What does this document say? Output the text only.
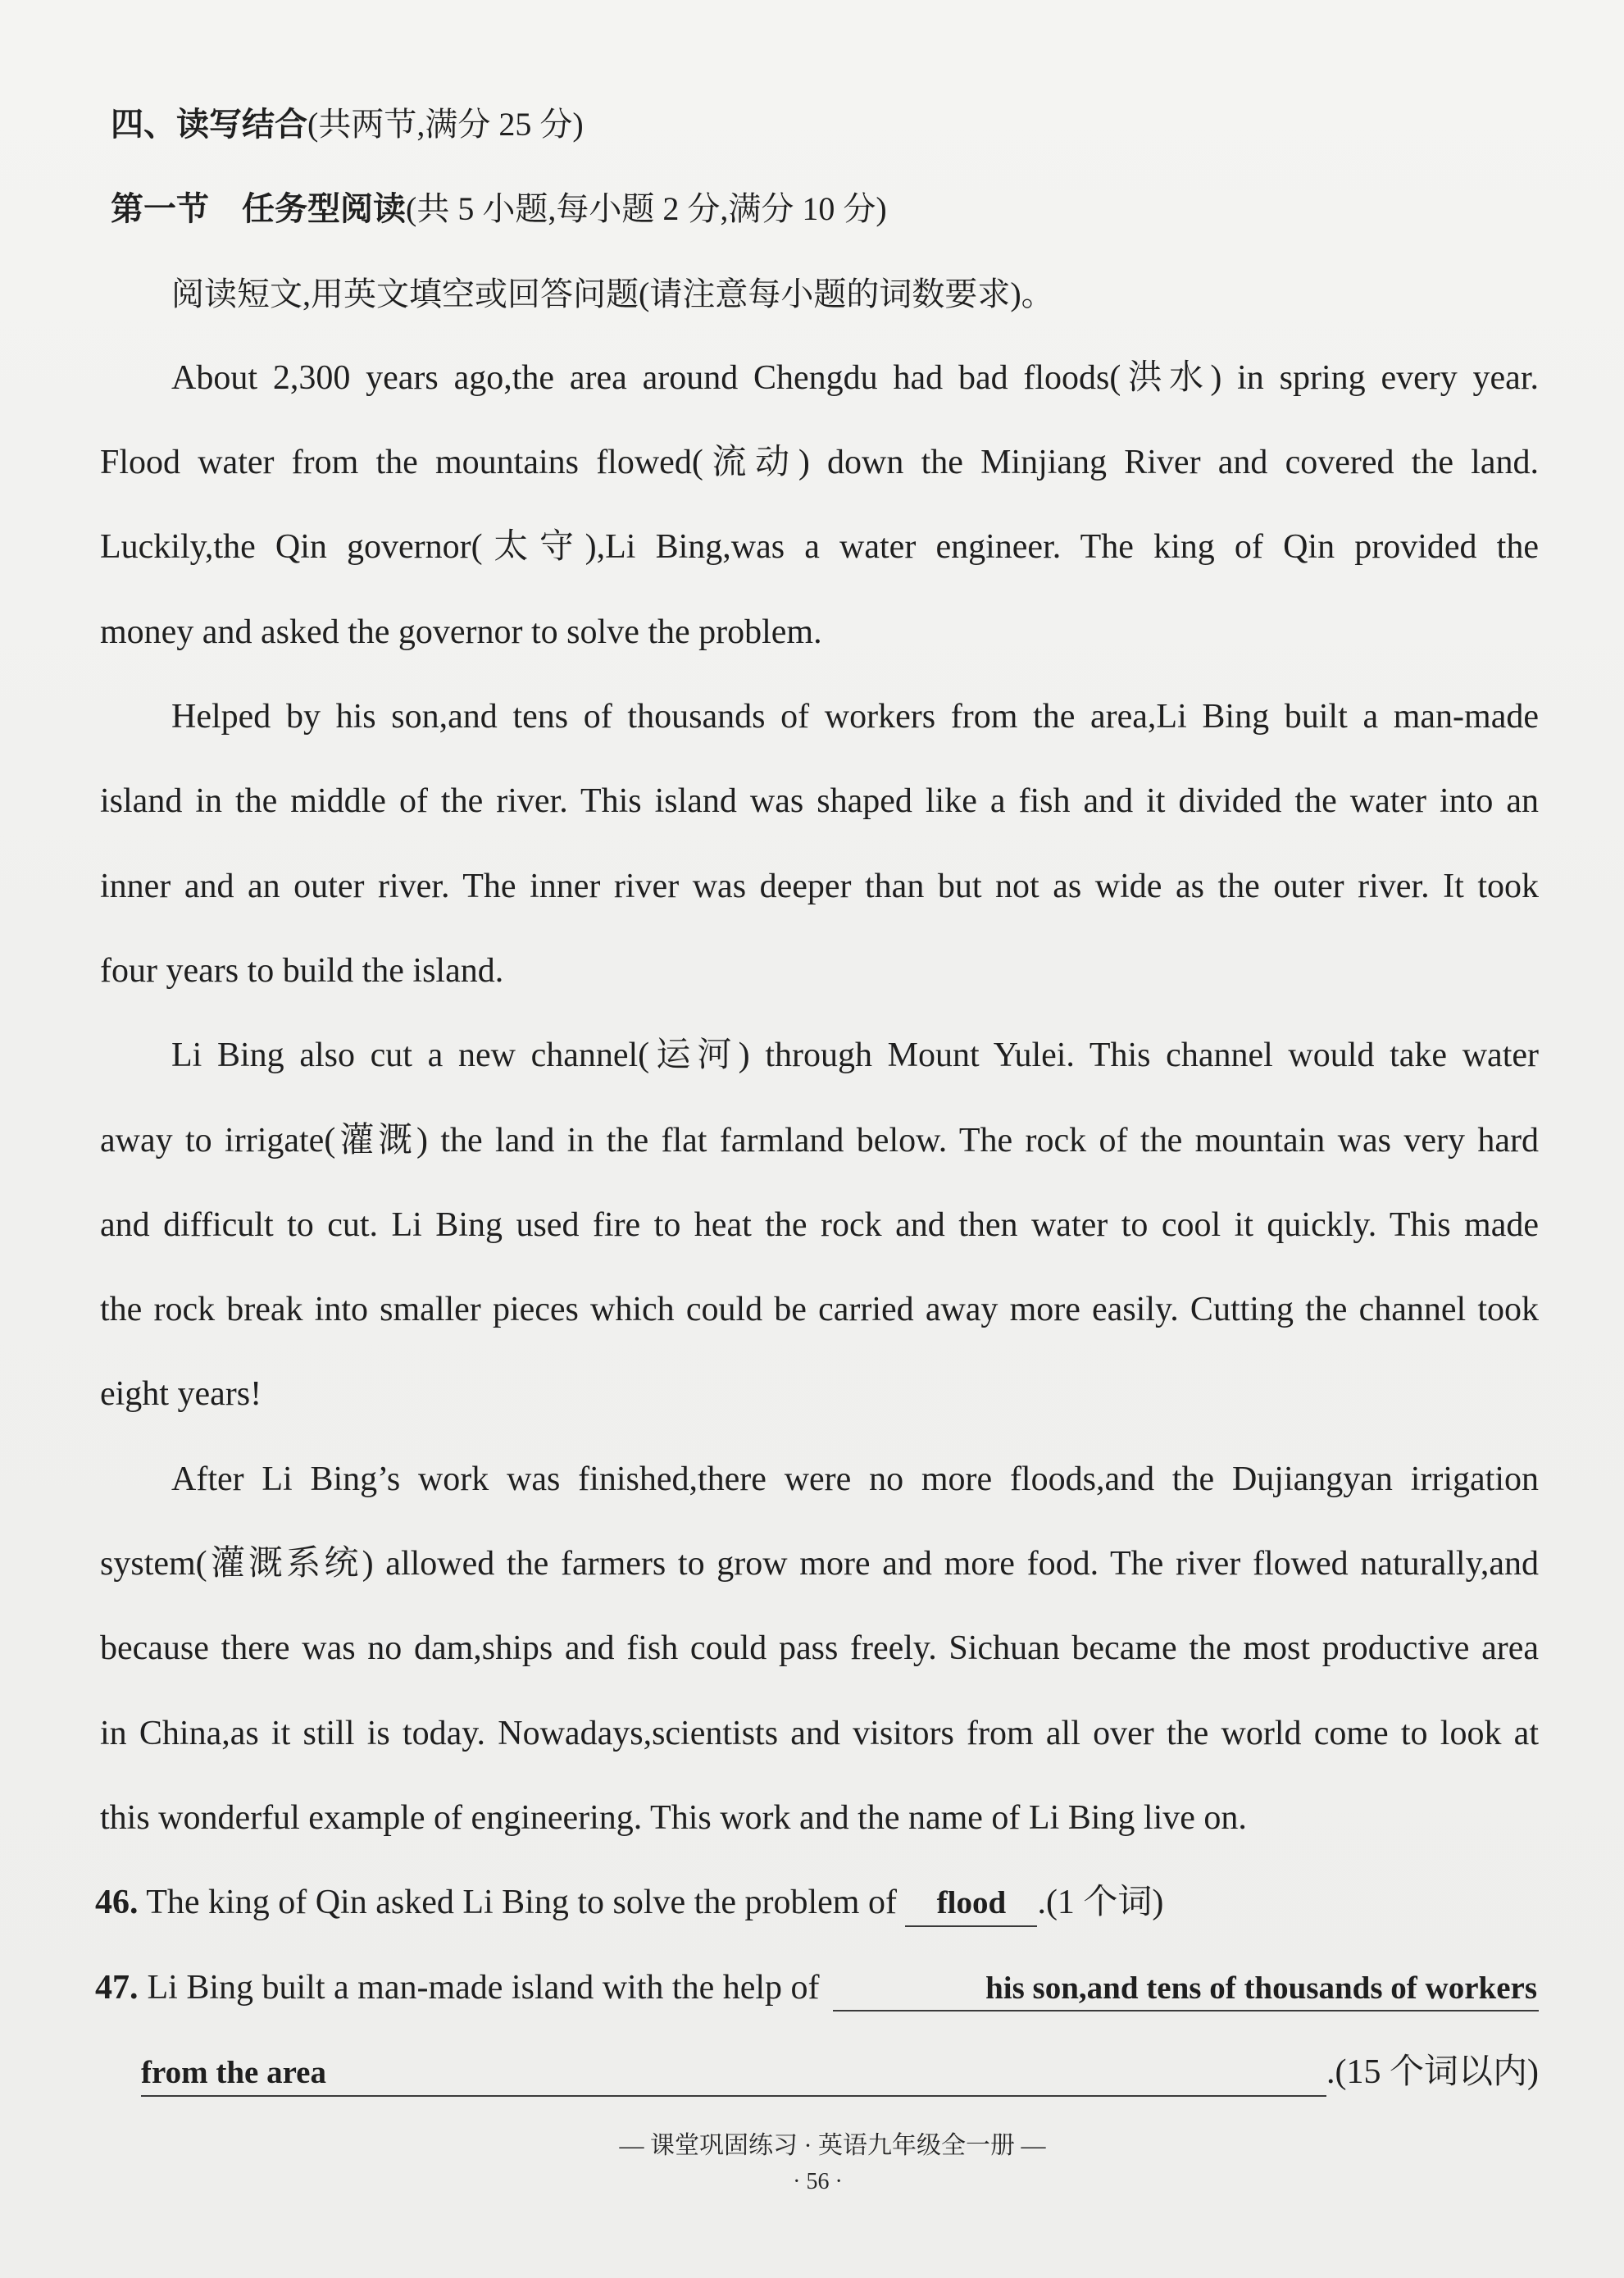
四、读写结合(共两节,满分 25 分)
第一节 任务型阅读(共 5 小题,每小题 2 分,满分 10 分)
阅读短文,用英文填空或回答问题(请注意每小题的词数要求)。
About 2,300 years ago,the area around Chengdu had bad floods(洪水) in spring every year.
Flood water from the mountains flowed(流动) down the Minjiang River and covered the land.
Luckily,the Qin governor(太守),Li Bing,was a water engineer. The king of Qin provided the
money and asked the governor to solve the problem.
Helped by his son,and tens of thousands of workers from the area,Li Bing built a man-made
island in the middle of the river. This island was shaped like a fish and it divided the water into an
inner and an outer river. The inner river was deeper than but not as wide as the outer river. It took
four years to build the island.
Li Bing also cut a new channel(运河) through Mount Yulei. This channel would take water
away to irrigate(灌溉) the land in the flat farmland below. The rock of the mountain was very hard
and difficult to cut. Li Bing used fire to heat the rock and then water to cool it quickly. This made
the rock break into smaller pieces which could be carried away more easily. Cutting the channel took
eight years!
After Li Bing’s work was finished,there were no more floods,and the Dujiangyan irrigation
system(灌溉系统) allowed the farmers to grow more and more food. The river flowed naturally,and
because there was no dam,ships and fish could pass freely. Sichuan became the most productive area
in China,as it still is today. Nowadays,scientists and visitors from all over the world come to look at
this wonderful example of engineering. This work and the name of Li Bing live on.
46. The king of Qin asked Li Bing to solve the problem of flood .(1 个词)
47. Li Bing built a man-made island with the help of	his son,and tens of thousands of workers
from the area	.(15 个词以内)
— 课堂巩固练习 · 英语九年级全一册 —
· 56 ·
